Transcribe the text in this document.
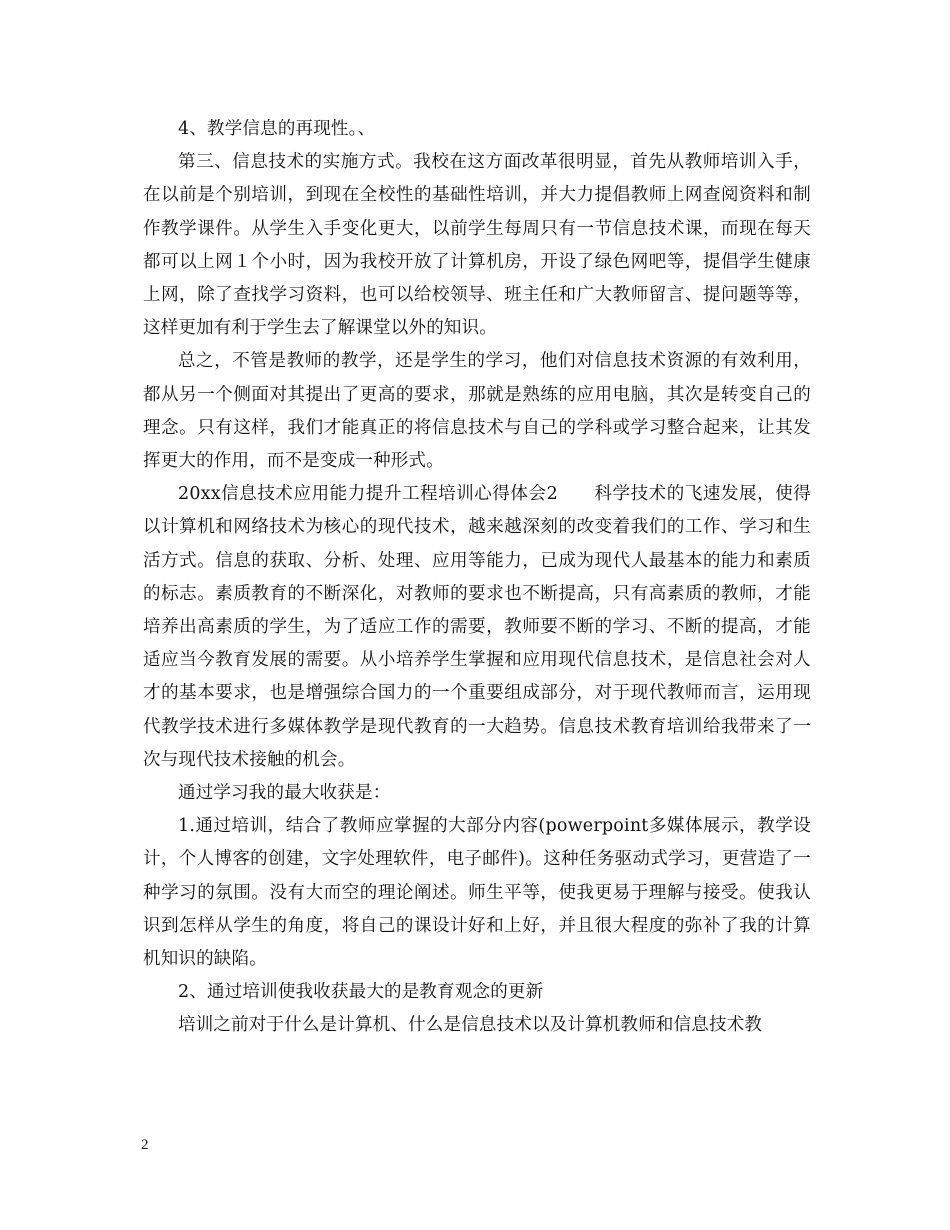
4、教学信息的再现性。、

第三、信息技术的实施方式。我校在这方面改革很明显，首先从教师培训入手，在以前是个别培训，到现在全校性的基础性培训，并大力提倡教师上网查阅资料和制作教学课件。从学生入手变化更大，以前学生每周只有一节信息技术课，而现在每天都可以上网１个小时，因为我校开放了计算机房，开设了绿色网吧等，提倡学生健康上网，除了查找学习资料，也可以给校领导、班主任和广大教师留言、提问题等等，这样更加有利于学生去了解课堂以外的知识。

总之，不管是教师的教学，还是学生的学习，他们对信息技术资源的有效利用，都从另一个侧面对其提出了更高的要求，那就是熟练的应用电脑，其次是转变自己的理念。只有这样，我们才能真正的将信息技术与自己的学科或学习整合起来，让其发挥更大的作用，而不是变成一种形式。

20xx信息技术应用能力提升工程培训心得体会2　　科学技术的飞速发展，使得以计算机和网络技术为核心的现代技术，越来越深刻的改变着我们的工作、学习和生活方式。信息的获取、分析、处理、应用等能力，已成为现代人最基本的能力和素质的标志。素质教育的不断深化，对教师的要求也不断提高，只有高素质的教师，才能培养出高素质的学生，为了适应工作的需要，教师要不断的学习、不断的提高，才能适应当今教育发展的需要。从小培养学生掌握和应用现代信息技术，是信息社会对人才的基本要求，也是增强综合国力的一个重要组成部分，对于现代教师而言，运用现代教学技术进行多媒体教学是现代教育的一大趋势。信息技术教育培训给我带来了一次与现代技术接触的机会。

通过学习我的最大收获是：

1.通过培训，结合了教师应掌握的大部分内容(powerpoint多媒体展示，教学设计，个人博客的创建，文字处理软件，电子邮件)。这种任务驱动式学习，更营造了一种学习的氛围。没有大而空的理论阐述。师生平等，使我更易于理解与接受。使我认识到怎样从学生的角度，将自己的课设计好和上好，并且很大程度的弥补了我的计算机知识的缺陷。

2、通过培训使我收获最大的是教育观念的更新

培训之前对于什么是计算机、什么是信息技术以及计算机教师和信息技术教

2
